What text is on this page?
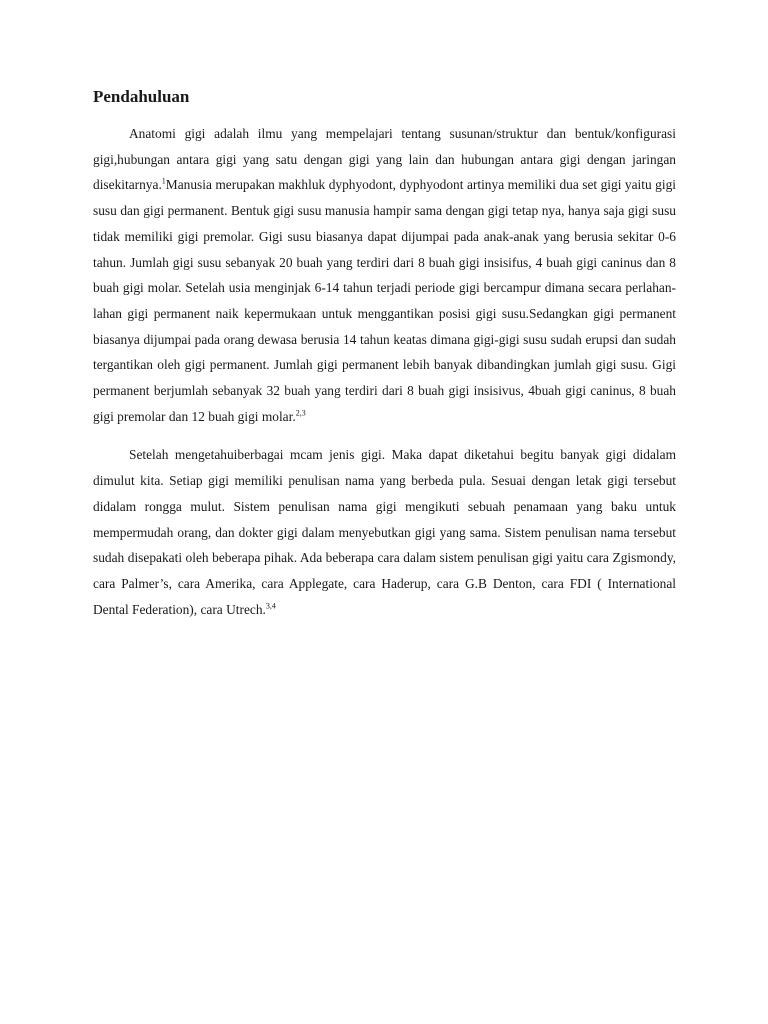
Pendahuluan

Anatomi gigi adalah ilmu yang mempelajari tentang susunan/struktur dan bentuk/konfigurasi gigi,hubungan antara gigi yang satu dengan gigi yang lain dan hubungan antara gigi dengan jaringan disekitarnya.$^1$Manusia merupakan makhluk dyphyodont, dyphyodont artinya memiliki dua set gigi yaitu gigi susu dan gigi permanent. Bentuk gigi susu manusia hampir sama dengan gigi tetap nya, hanya saja gigi susu tidak memiliki gigi premolar. Gigi susu biasanya dapat dijumpai pada anak-anak yang berusia sekitar 0-6 tahun. Jumlah gigi susu sebanyak 20 buah yang terdiri dari 8 buah gigi insisifus, 4 buah gigi caninus dan 8 buah gigi molar. Setelah usia menginjak 6-14 tahun terjadi periode gigi bercampur dimana secara perlahan-lahan gigi permanent naik kepermukaan untuk menggantikan posisi gigi susu.Sedangkan gigi permanent biasanya dijumpai pada orang dewasa berusia 14 tahun keatas dimana gigi-gigi susu sudah erupsi dan sudah tergantikan oleh gigi permanent. Jumlah gigi permanent lebih banyak dibandingkan jumlah gigi susu. Gigi permanent berjumlah sebanyak 32 buah yang terdiri dari 8 buah gigi insisivus, 4buah gigi caninus, 8 buah gigi premolar dan 12 buah gigi molar.$^{2,3}$

Setelah mengetahuiberbagai mcam jenis gigi. Maka dapat diketahui begitu banyak gigi didalam dimulut kita. Setiap gigi memiliki penulisan nama yang berbeda pula. Sesuai dengan letak gigi tersebut didalam rongga mulut. Sistem penulisan nama gigi mengikuti sebuah penamaan yang baku untuk mempermudah orang, dan dokter gigi dalam menyebutkan gigi yang sama. Sistem penulisan nama tersebut sudah disepakati oleh beberapa pihak. Ada beberapa cara dalam sistem penulisan gigi yaitu cara Zgismondy, cara Palmer’s, cara Amerika, cara Applegate, cara Haderup, cara G.B Denton, cara FDI ( International Dental Federation), cara Utrech.$^{3,4}$
